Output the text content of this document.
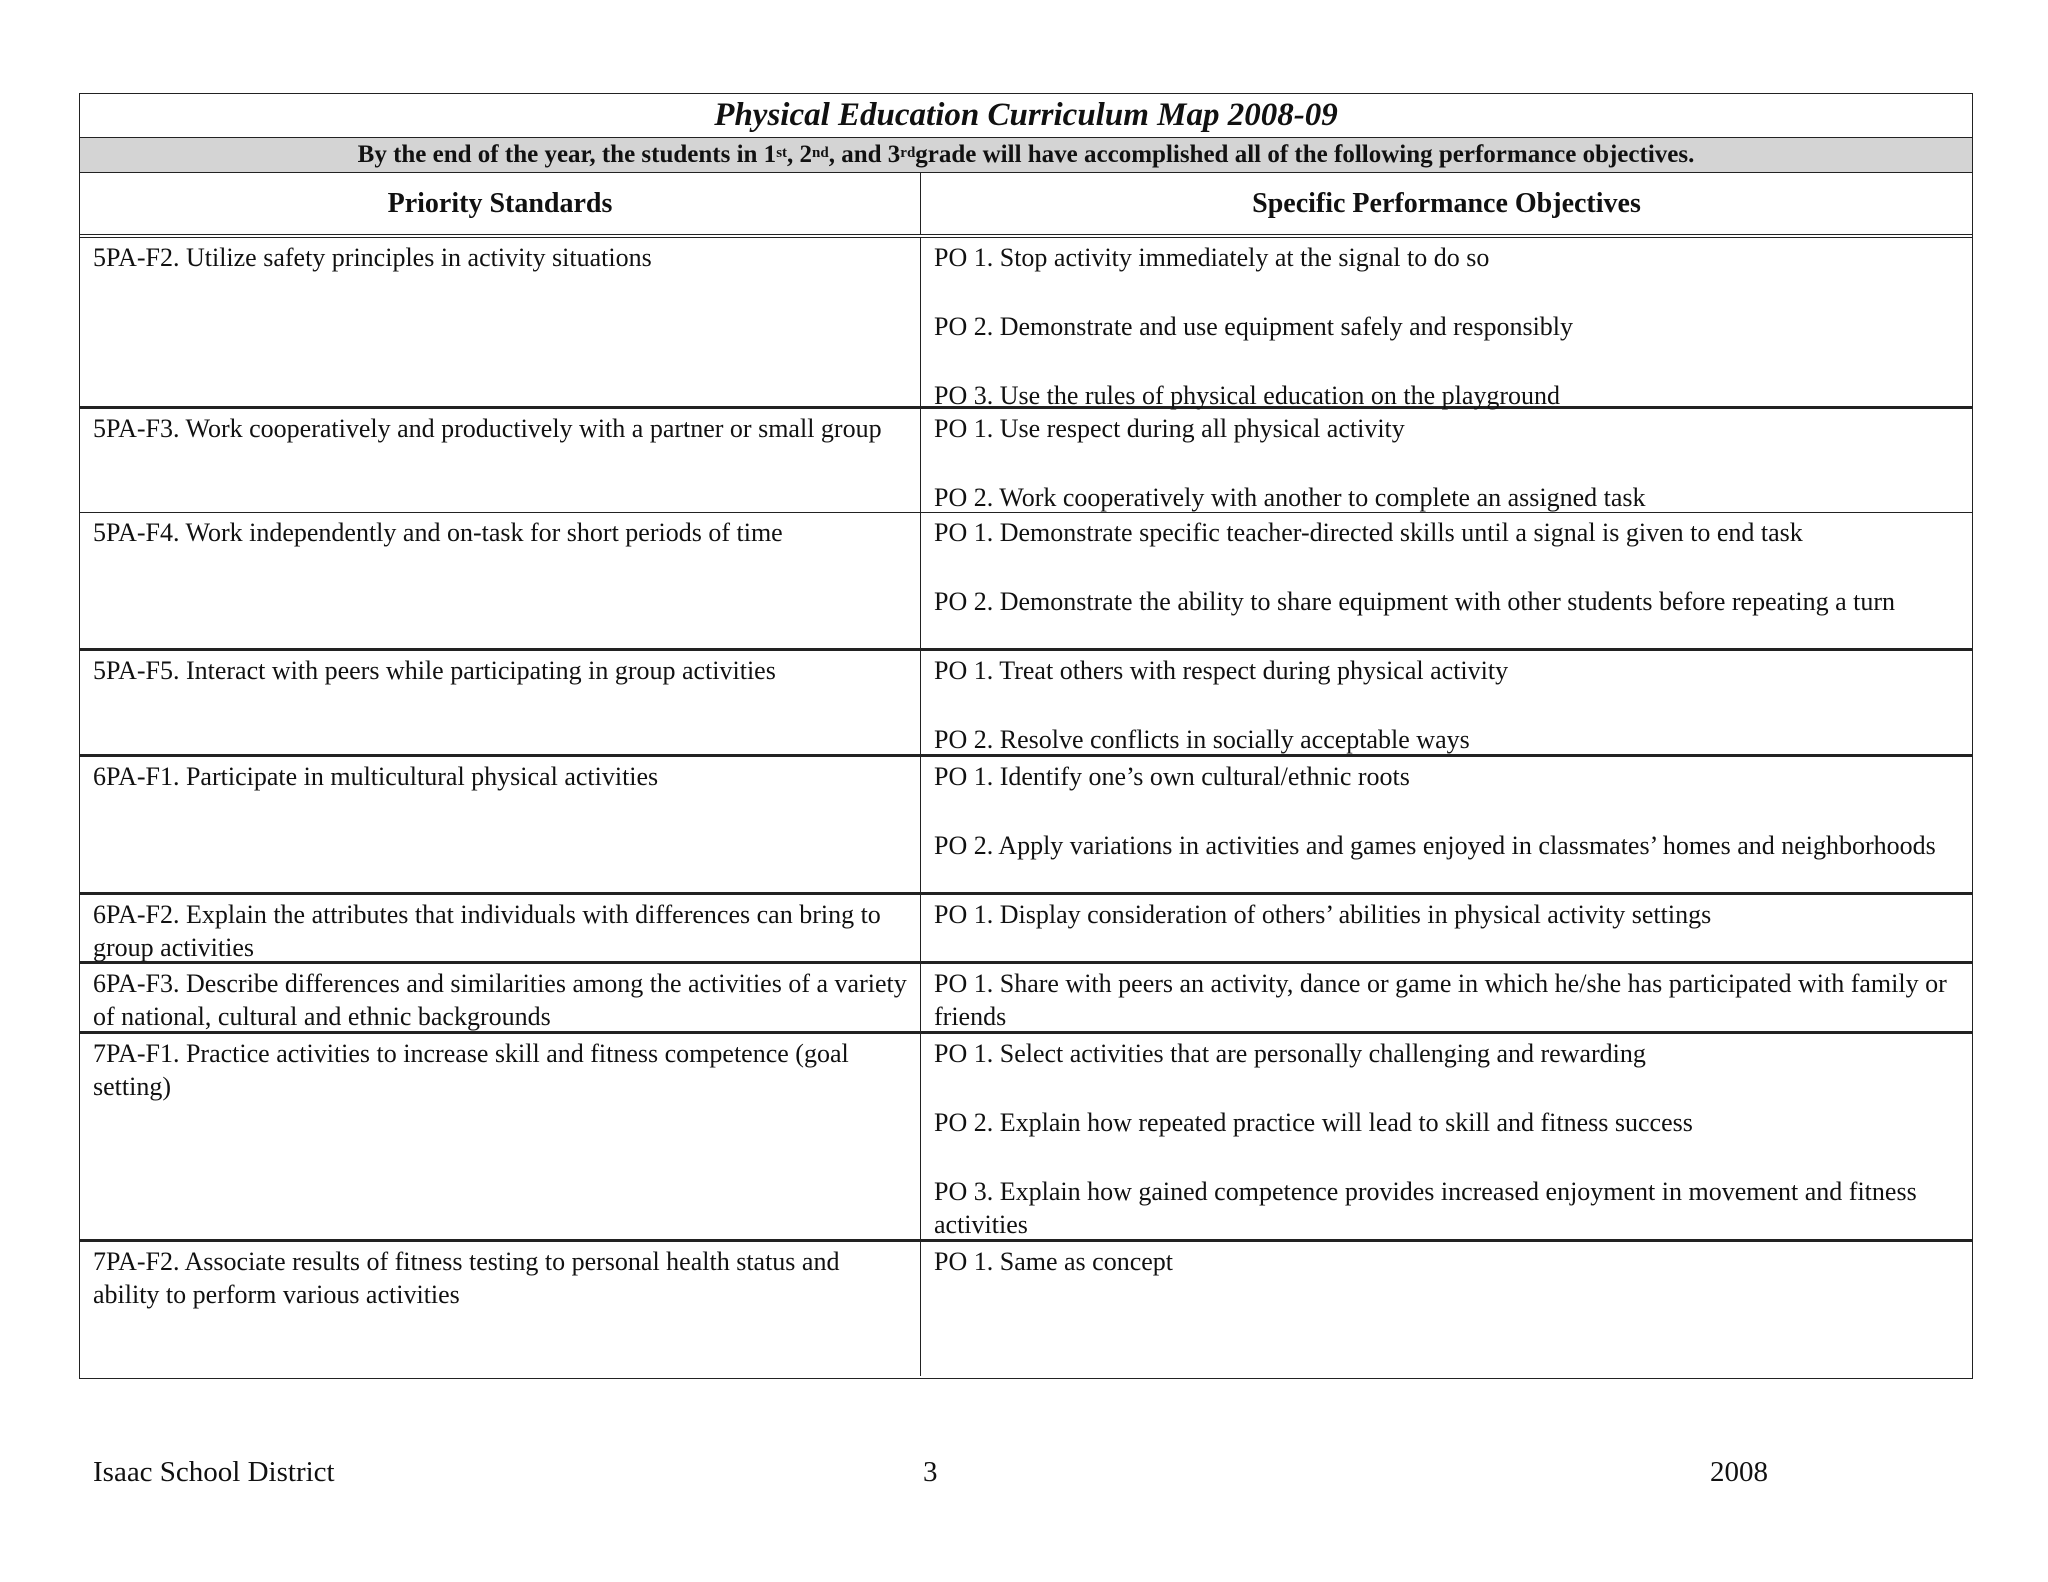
Physical Education Curriculum Map 2008-09
By the end of the year, the students in 1st , 2nd , and 3rd grade will have accomplished all of the following performance objectives.
Priority Standards	Specific Performance Objectives
5PA-F2. Utilize safety principles in activity situations	PO 1. Stop activity immediately at the signal to do so
PO 2. Demonstrate and use equipment safely and responsibly
PO 3. Use the rules of physical education on the playground
5PA-F3. Work cooperatively and productively with a partner or small group	PO 1. Use respect during all physical activity
PO 2. Work cooperatively with another to complete an assigned task
5PA-F4. Work independently and on-task for short periods of time	PO 1. Demonstrate specific teacher-directed skills until a signal is given to end task
PO 2. Demonstrate the ability to share equipment with other students before repeating a turn
5PA-F5. Interact with peers while participating in group activities	PO 1. Treat others with respect during physical activity
PO 2. Resolve conflicts in socially acceptable ways
6PA-F1. Participate in multicultural physical activities	PO 1. Identify one’s own cultural/ethnic roots
PO 2. Apply variations in activities and games enjoyed in classmates’ homes and neighborhoods
6PA-F2. Explain the attributes that individuals with differences can bring to group activities
PO 1. Display consideration of others’ abilities in physical activity settings
6PA-F3. Describe differences and similarities among the activities of a variety of national, cultural and ethnic backgrounds
PO 1. Share with peers an activity, dance or game in which he/she has participated with family or friends
7PA-F1. Practice activities to increase skill and fitness competence (goal setting)
PO 1. Select activities that are personally challenging and rewarding
PO 2. Explain how repeated practice will lead to skill and fitness success
PO 3. Explain how gained competence provides increased enjoyment in movement and fitness activities
7PA-F2. Associate results of fitness testing to personal health status and ability to perform various activities
PO 1. Same as concept
Isaac School District	3	2008
